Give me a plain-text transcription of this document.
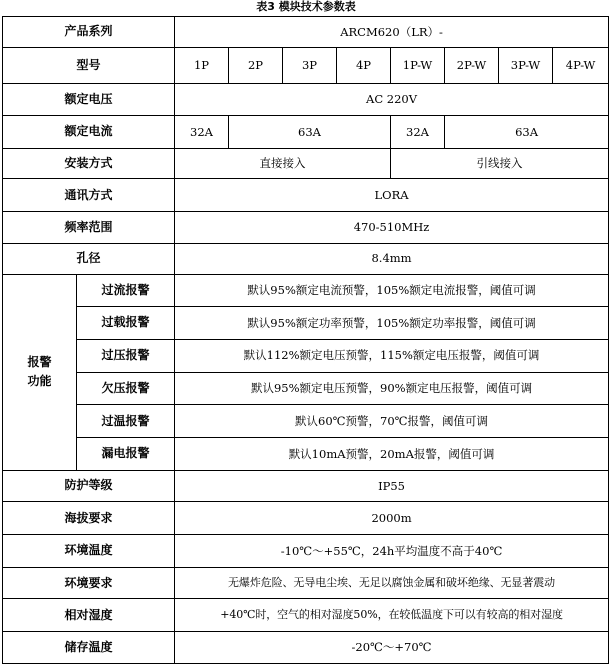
表3 模块技术参数表
产品系列		ARCM620（LR）-							
型号		1P	2P	3P	4P	1P-W	2P-W	3P-W	4P-W
额定电压		AC 220V							
额定电流		32A	63A			32A	63A		
安装方式		直接接入				引线接入			
通讯方式		LORA							
频率范围		470-510MHz							
孔径		8.4mm							

报警
功能	过流报警	默认95%额定电流预警，105%额定电流报警，阈值可调							
	过载报警	默认95%额定功率预警，105%额定功率报警，阈值可调							
	过压报警	默认112%额定电压预警，115%额定电压报警，阈值可调							
	欠压报警	默认95%额定电压预警，90%额定电压报警，阈值可调							
	过温报警	默认60℃预警，70℃报警，阈值可调							
	漏电报警	默认10mA预警，20mA报警，阈值可调							
防护等级		IP55							
海拔要求		2000m							
环境温度		-10℃～+55℃，24h平均温度不高于40℃							
环境要求		无爆炸危险、无导电尘埃、无足以腐蚀金属和破坏绝缘、无显著震动							
相对湿度		+40℃时，空气的相对湿度50%，在较低温度下可以有较高的相对湿度							
储存温度		-20℃～+70℃							
